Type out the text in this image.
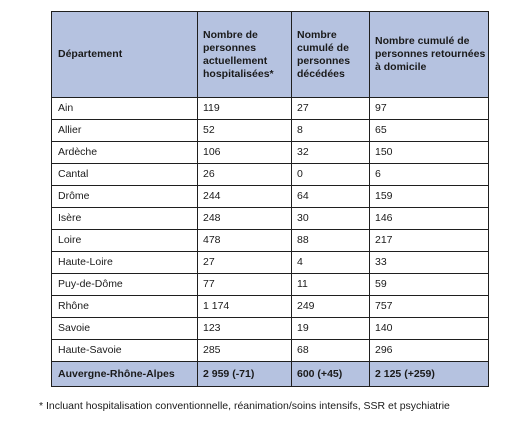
Département	Nombre de personnes actuellement hospitalisées*	Nombre cumulé de personnes décédées	Nombre cumulé de personnes retournées à domicile
Ain	119	27	97
Allier	52	8	65
Ardèche	106	32	150
Cantal	26	0	6
Drôme	244	64	159
Isère	248	30	146
Loire	478	88	217
Haute-Loire	27	4	33
Puy-de-Dôme	77	11	59
Rhône	1 174	249	757
Savoie	123	19	140
Haute-Savoie	285	68	296
Auvergne-Rhône-Alpes	2 959 (-71)	600 (+45)	2 125 (+259)
* Incluant hospitalisation conventionnelle, réanimation/soins intensifs, SSR et psychiatrie
